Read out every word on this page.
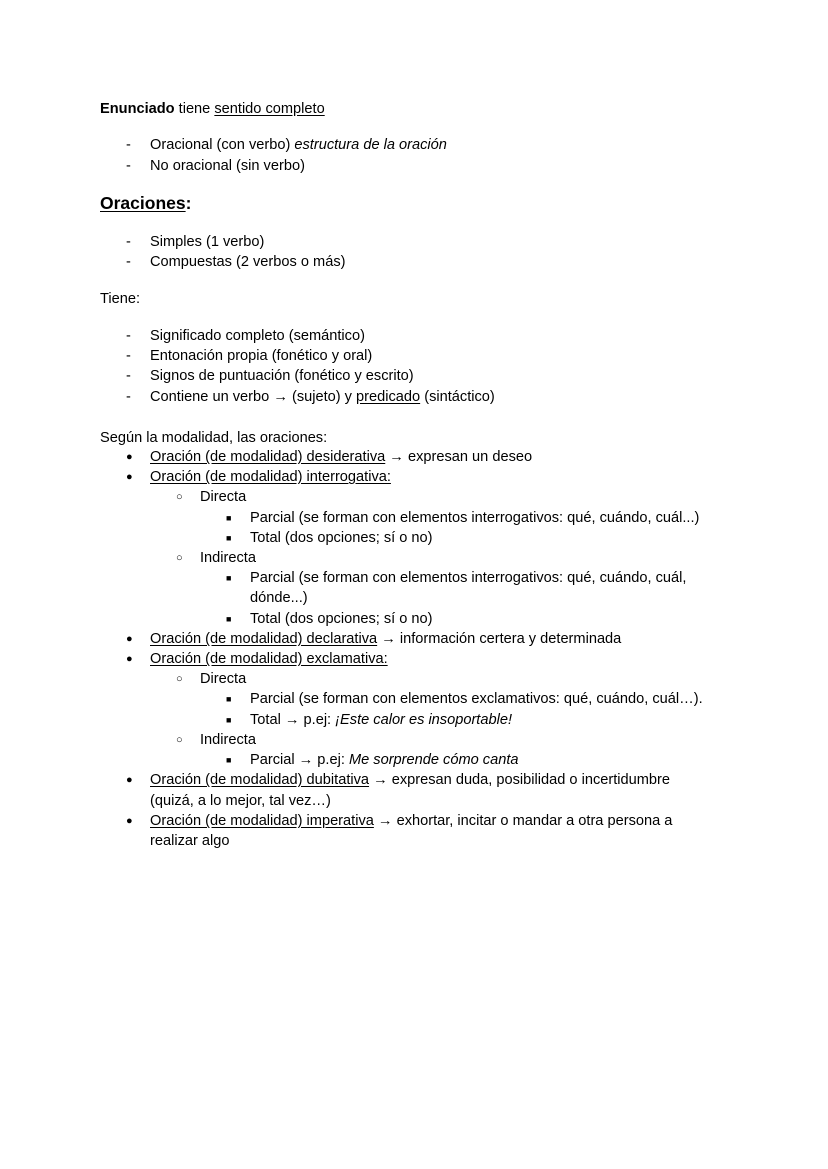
Enunciado tiene sentido completo
- Oracional (con verbo) estructura de la oración
- No oracional (sin verbo)
Oraciones:
- Simples (1 verbo)
- Compuestas (2 verbos o más)
Tiene:
- Significado completo (semántico)
- Entonación propia (fonético y oral)
- Signos de puntuación (fonético y escrito)
- Contiene un verbo → (sujeto) y predicado (sintáctico)
Según la modalidad, las oraciones:
● Oración (de modalidad) desiderativa → expresan un deseo
● Oración (de modalidad) interrogativa:
○ Directa
■ Parcial (se forman con elementos interrogativos: qué, cuándo, cuál...)
■ Total (dos opciones; sí o no)
○ Indirecta
■ Parcial (se forman con elementos interrogativos: qué, cuándo, cuál,
dónde...)
■ Total (dos opciones; sí o no)
● Oración (de modalidad) declarativa → información certera y determinada
● Oración (de modalidad) exclamativa:
○ Directa
■ Parcial (se forman con elementos exclamativos: qué, cuándo, cuál…).
■ Total → p.ej: ¡Este calor es insoportable!
○ Indirecta
■ Parcial → p.ej: Me sorprende cómo canta
● Oración (de modalidad) dubitativa → expresan duda, posibilidad o incertidumbre
(quizá, a lo mejor, tal vez…)
● Oración (de modalidad) imperativa → exhortar, incitar o mandar a otra persona a
realizar algo
